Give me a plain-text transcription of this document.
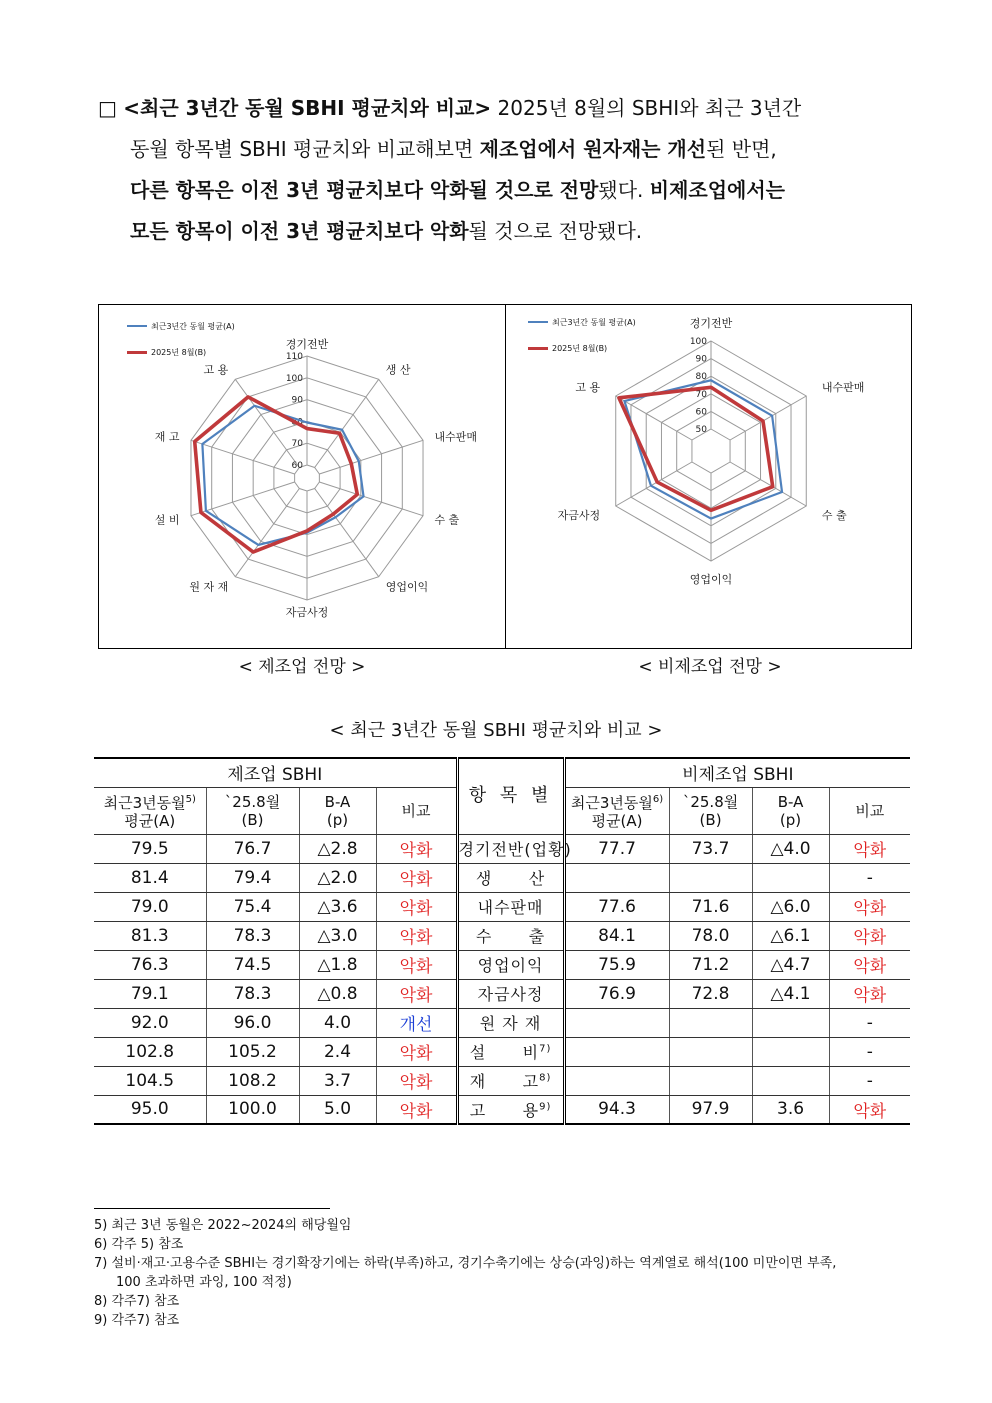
□ <최근 3년간 동월 SBHI 평균치와 비교> 2025년 8월의 SBHI와 최근 3년간
동월 항목별 SBHI 평균치와 비교해보면 제조업에서 원자재는 개선된 반면,
다른 항목은 이전 3년 평균치보다 악화될 것으로 전망됐다. 비제조업에서는
모든 항목이 이전 3년 평균치보다 악화될 것으로 전망됐다.
최근3년간 동월 평균(A)
2025년 8월(B)
60
70
80
90
100
110
경기전반
생 산
내수판매
수 출
영업이익
자금사정
원 자 재
설 비
재 고
고 용
최근3년간 동월 평균(A)
2025년 8월(B)
50
60
70
80
90
100
경기전반
내수판매
수 출
영업이익
자금사정
고 용
< 제조업 전망 >	< 비제조업 전망 >
< 최근 3년간 동월 SBHI 평균치와 비교 >
제조업 SBHI				항 목 별	비제조업 SBHI			
최근3년동월$^{5)}$
평균(A)	`25.8월
(B)	B-A
(p)	비교		최근3년동월$^{6)}$
평균(A)	`25.8월
(B)	B-A
(p)	비교
79.5	76.7	△2.8	악화	경기전반(업황)	77.7	73.7	△4.0	악화
81.4	79.4	△2.0	악화	생      산				-
79.0	75.4	△3.6	악화	내수판매	77.6	71.6	△6.0	악화
81.3	78.3	△3.0	악화	수      출	84.1	78.0	△6.1	악화
76.3	74.5	△1.8	악화	영업이익	75.9	71.2	△4.7	악화
79.1	78.3	△0.8	악화	자금사정	76.9	72.8	△4.1	악화
92.0	96.0	4.0	개선	원 자 재				-
102.8	105.2	2.4	악화	설      비$^{7)}$				-
104.5	108.2	3.7	악화	재      고$^{8)}$				-
95.0	100.0	5.0	악화	고      용$^{9)}$	94.3	97.9	3.6	악화
5) 최근 3년 동월은 2022~2024의 해당월임
6) 각주 5) 참조
7) 설비·재고·고용수준 SBHI는 경기확장기에는 하락(부족)하고, 경기수축기에는 상승(과잉)하는 역계열로 해석(100 미만이면 부족,
100 초과하면 과잉, 100 적정)
8) 각주7) 참조
9) 각주7) 참조
